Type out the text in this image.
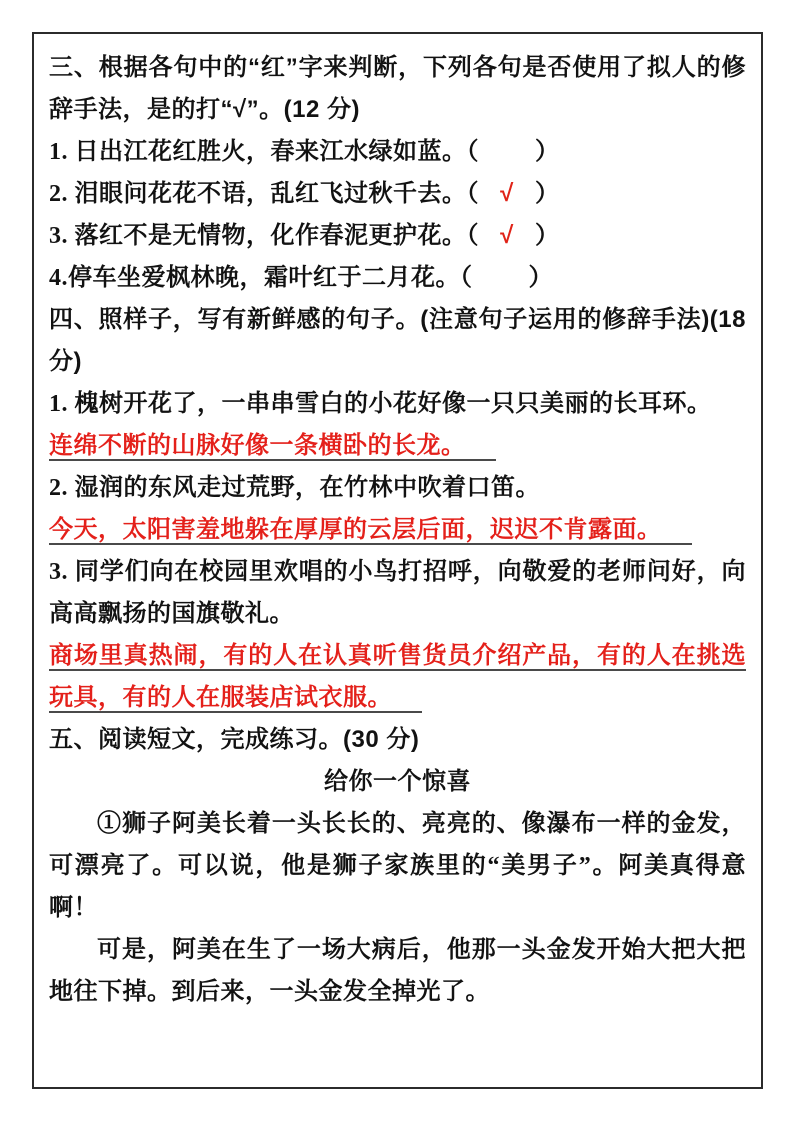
三、根据各句中的“红”字来判断，下列各句是否使用了拟人的修辞手法，是的打“√”。(12 分)

1. 日出江花红胜火，春来江水绿如蓝。（ ）

2. 泪眼问花花不语，乱红飞过秋千去。（ √ ）

3. 落红不是无情物，化作春泥更护花。（ √ ）

4.停车坐爱枫林晚，霜叶红于二月花。（ ）

四、照样子，写有新鲜感的句子。(注意句子运用的修辞手法)(18 分)

1. 槐树开花了，一串串雪白的小花好像一只只美丽的长耳环。

连绵不断的山脉好像一条横卧的长龙。

2. 湿润的东风走过荒野，在竹林中吹着口笛。

今天，太阳害羞地躲在厚厚的云层后面，迟迟不肯露面。

3. 同学们向在校园里欢唱的小鸟打招呼，向敬爱的老师问好，向高高飘扬的国旗敬礼。

商场里真热闹，有的人在认真听售货员介绍产品，有的人在挑选玩具，有的人在服装店试衣服。

五、阅读短文，完成练习。(30 分)

给你一个惊喜

①狮子阿美长着一头长长的、亮亮的、像瀑布一样的金发，可漂亮了。可以说，他是狮子家族里的“美男子”。阿美真得意啊！

可是，阿美在生了一场大病后，他那一头金发开始大把大把地往下掉。到后来，一头金发全掉光了。
